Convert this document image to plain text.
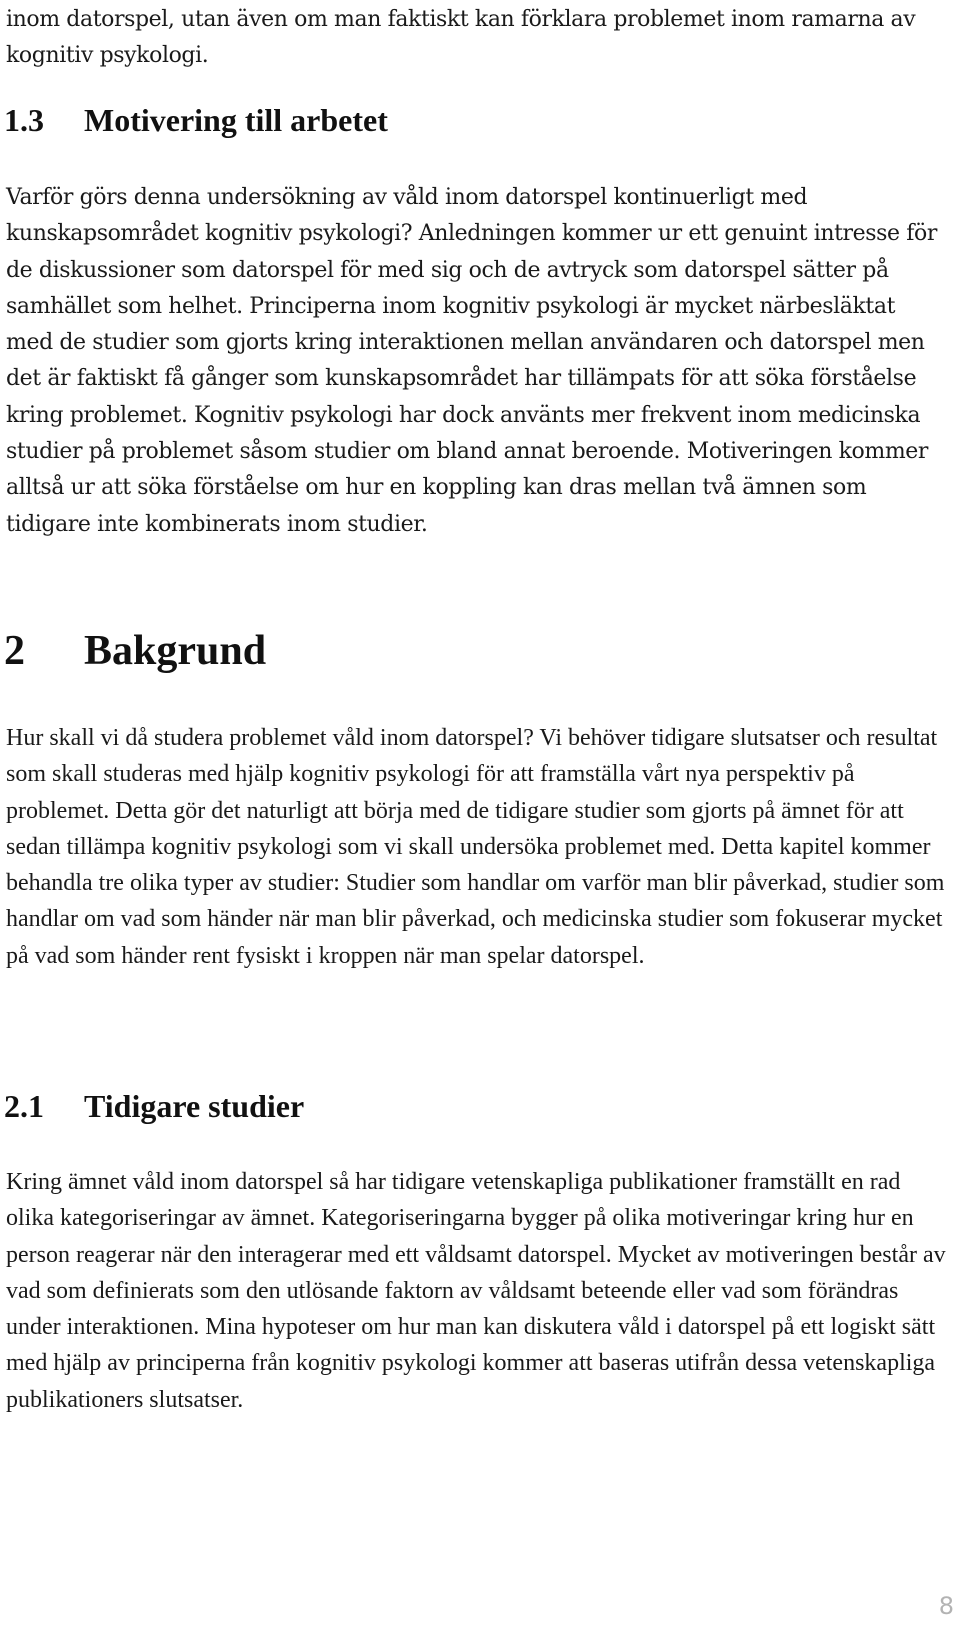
inom datorspel, utan även om man faktiskt kan förklara problemet inom ramarna av kognitiv psykologi.

1.3 Motivering till arbetet

Varför görs denna undersökning av våld inom datorspel kontinuerligt med kunskapsområdet kognitiv psykologi? Anledningen kommer ur ett genuint intresse för de diskussioner som datorspel för med sig och de avtryck som datorspel sätter på samhället som helhet. Principerna inom kognitiv psykologi är mycket närbesläktat med de studier som gjorts kring interaktionen mellan användaren och datorspel men det är faktiskt få gånger som kunskapsområdet har tillämpats för att söka förståelse kring problemet. Kognitiv psykologi har dock använts mer frekvent inom medicinska studier på problemet såsom studier om bland annat beroende. Motiveringen kommer alltså ur att söka förståelse om hur en koppling kan dras mellan två ämnen som tidigare inte kombinerats inom studier.

2 Bakgrund

Hur skall vi då studera problemet våld inom datorspel? Vi behöver tidigare slutsatser och resultat som skall studeras med hjälp kognitiv psykologi för att framställa vårt nya perspektiv på problemet. Detta gör det naturligt att börja med de tidigare studier som gjorts på ämnet för att sedan tillämpa kognitiv psykologi som vi skall undersöka problemet med. Detta kapitel kommer behandla tre olika typer av studier: Studier som handlar om varför man blir påverkad, studier som handlar om vad som händer när man blir påverkad, och medicinska studier som fokuserar mycket på vad som händer rent fysiskt i kroppen när man spelar datorspel.

2.1 Tidigare studier

Kring ämnet våld inom datorspel så har tidigare vetenskapliga publikationer framställt en rad olika kategoriseringar av ämnet. Kategoriseringarna bygger på olika motiveringar kring hur en person reagerar när den interagerar med ett våldsamt datorspel. Mycket av motiveringen består av vad som definierats som den utlösande faktorn av våldsamt beteende eller vad som förändras under interaktionen. Mina hypoteser om hur man kan diskutera våld i datorspel på ett logiskt sätt med hjälp av principerna från kognitiv psykologi kommer att baseras utifrån dessa vetenskapliga publikationers slutsatser.

8
